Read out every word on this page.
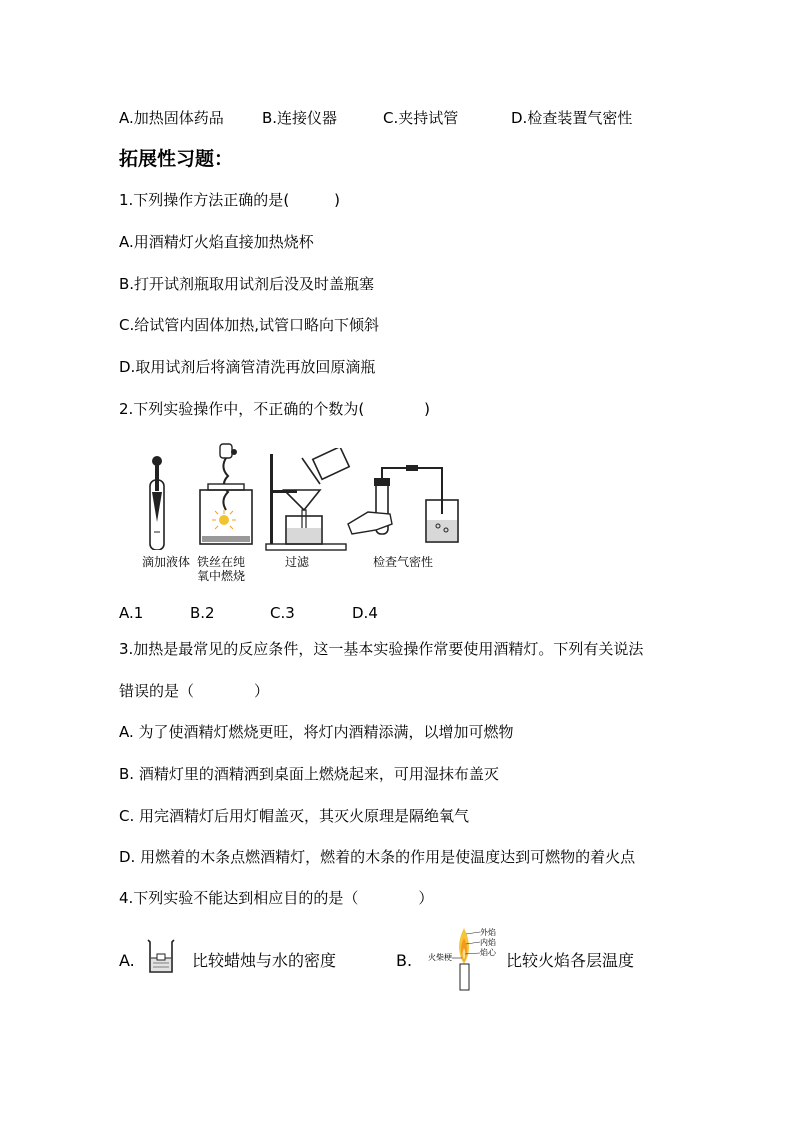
A.加热固体药品	B.连接仪器	C.夹持试管	D.检查装置气密性
拓展性习题：
1.下列操作方法正确的是(　　　)
A.用酒精灯火焰直接加热烧杯
B.打开试剂瓶取用试剂后没及时盖瓶塞
C.给试管内固体加热,试管口略向下倾斜
D.取用试剂后将滴管清洗再放回原滴瓶
2.下列实验操作中，不正确的个数为(　　　　)
滴加液体 铁丝在纯
氧中燃烧
过滤	检查气密性
A.1	B.2	C.3	D.4
3.加热是最常见的反应条件，这一基本实验操作常要使用酒精灯。下列有关说法
错误的是（　　　　）
A. 为了使酒精灯燃烧更旺，将灯内酒精添满，以增加可燃物
B. 酒精灯里的酒精洒到桌面上燃烧起来，可用湿抹布盖灭
C. 用完酒精灯后用灯帽盖灭，其灭火原理是隔绝氧气
D. 用燃着的木条点燃酒精灯，燃着的木条的作用是使温度达到可燃物的着火点
4.下列实验不能达到相应目的的是（　　　　）
A.	比较蜡烛与水的密度	B.
外焰
内焰
焰心
火柴梗	比较火焰各层温度
